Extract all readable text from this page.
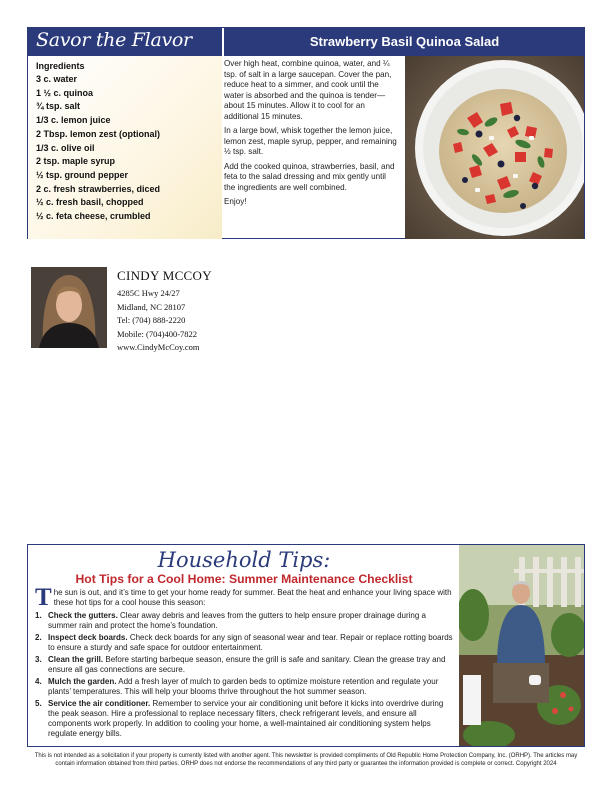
Savor the Flavor	Strawberry Basil Quinoa Salad
Ingredients
3 c. water
1 ½ c. quinoa
¾ tsp. salt
1/3 c. lemon juice
2 Tbsp. lemon zest (optional)
1/3 c. olive oil
2 tsp. maple syrup
½ tsp. ground pepper
2 c. fresh strawberries, diced
½ c. fresh basil, chopped
½ c. feta cheese, crumbled

Over high heat, combine quinoa, water, and ¼ tsp. of salt in a large saucepan. Cover the pan, reduce heat to a simmer, and cook until the water is absorbed and the quinoa is tender— about 15 minutes. Allow it to cool for an additional 15 minutes.

In a large bowl, whisk together the lemon juice, lemon zest, maple syrup, pepper, and remaining ½ tsp. salt.

Add the cooked quinoa, strawberries, basil, and feta to the salad dressing and mix gently until the ingredients are well combined.

Enjoy!

CINDY MCCOY
4285C Hwy 24/27
Midland, NC 28107
Tel: (704) 888-2220
Mobile: (704)400-7822
www.CindyMcCoy.com
Household Tips:
Hot Tips for a Cool Home: Summer Maintenance Checklist

The sun is out, and it’s time to get your home ready for summer. Beat the heat and enhance your living space with these hot tips for a cool house this season:

1. Check the gutters. Clear away debris and leaves from the gutters to help ensure proper drainage during a summer rain and protect the home’s foundation.
2. Inspect deck boards. Check deck boards for any sign of seasonal wear and tear. Repair or replace rotting boards to ensure a sturdy and safe space for outdoor entertainment.
3. Clean the grill. Before starting barbeque season, ensure the grill is safe and sanitary. Clean the grease tray and ensure all gas connections are secure.
4. Mulch the garden. Add a fresh layer of mulch to garden beds to optimize moisture retention and regulate your plants’ temperatures. This will help your blooms thrive throughout the hot summer season.
5. Service the air conditioner. Remember to service your air conditioning unit before it kicks into overdrive during the peak season. Hire a professional to replace necessary filters, check refrigerant levels, and ensure all components work properly. In addition to cooling your home, a well-maintained air conditioning system helps regulate energy bills.

This is not intended as a solicitation if your property is currently listed with another agent. This newsletter is provided compliments of Old Republic Home Protection Company, Inc. (ORHP). The articles may contain information obtained from third parties. ORHP does not endorse the recommendations of any third party or guarantee the information provided is complete or correct. Copyright 2024
